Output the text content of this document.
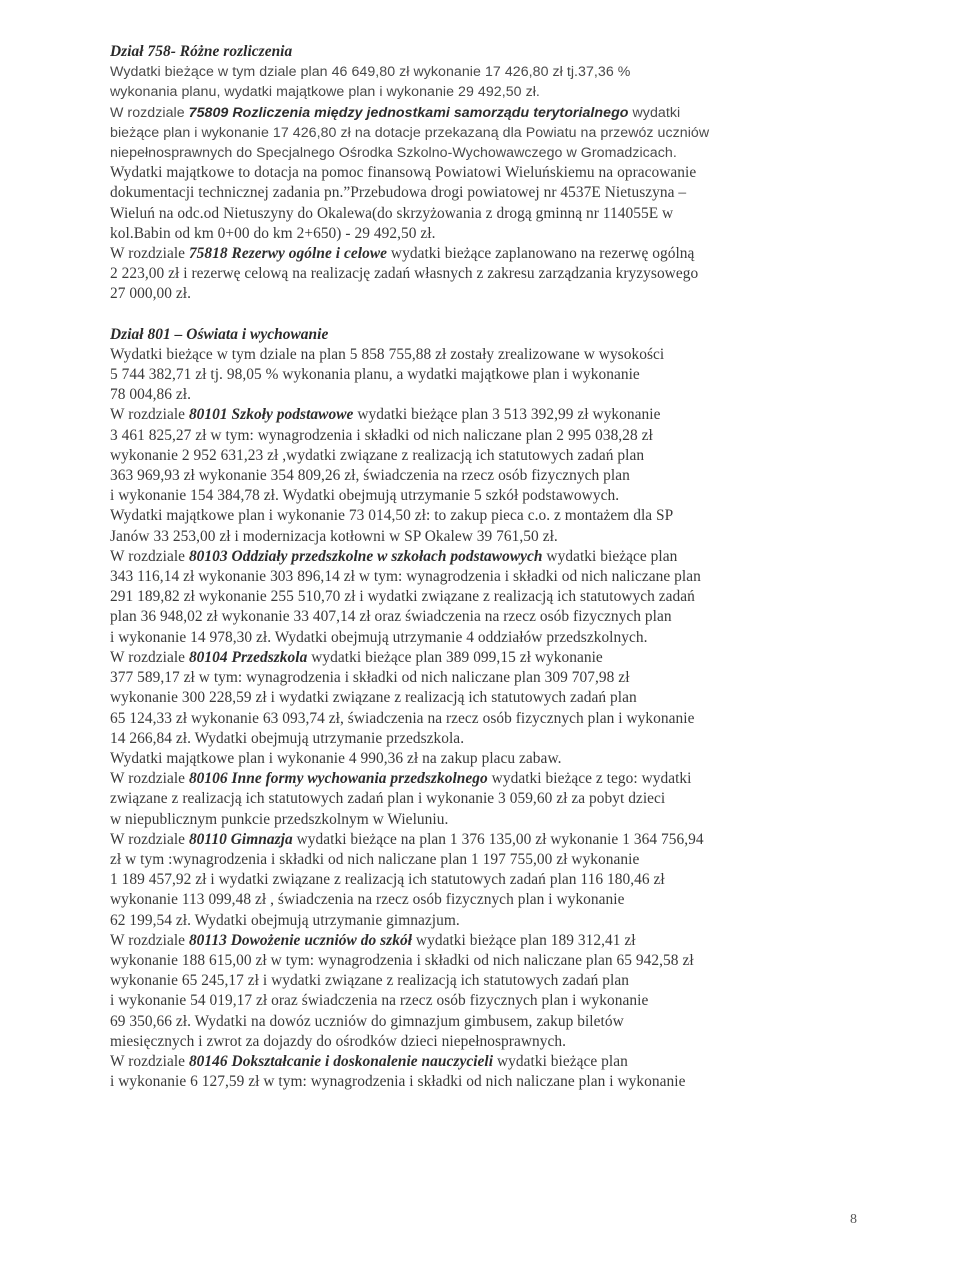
Dział 758- Różne rozliczenia
Wydatki bieżące w tym dziale plan 46 649,80 zł wykonanie 17 426,80 zł tj.37,36 %
wykonania planu, wydatki majątkowe plan i wykonanie 29 492,50 zł.
W rozdziale 75809 Rozliczenia między jednostkami samorządu terytorialnego wydatki
bieżące plan i wykonanie 17 426,80 zł na dotacje przekazaną dla Powiatu na przewóz uczniów
niepełnosprawnych do Specjalnego Ośrodka Szkolno-Wychowawczego w Gromadzicach.
Wydatki majątkowe to dotacja na pomoc finansową Powiatowi Wieluńskiemu na opracowanie
dokumentacji technicznej zadania pn.”Przebudowa drogi powiatowej nr 4537E Nietuszyna –
Wieluń na odc.od Nietuszyny do Okalewa(do skrzyżowania z drogą gminną nr 114055E w
kol.Babin od km 0+00 do km 2+650) - 29 492,50 zł.
W rozdziale 75818 Rezerwy ogólne i celowe wydatki bieżące zaplanowano na rezerwę ogólną
2 223,00 zł i rezerwę celową na realizację zadań własnych z zakresu zarządzania kryzysowego
27 000,00 zł.
Dział 801 – Oświata i wychowanie
Wydatki bieżące w tym dziale na plan 5 858 755,88 zł zostały zrealizowane w wysokości
5 744 382,71 zł tj. 98,05 % wykonania planu, a wydatki majątkowe plan i wykonanie
78 004,86 zł.
W rozdziale 80101 Szkoły podstawowe wydatki bieżące plan 3 513 392,99 zł wykonanie
3 461 825,27 zł w tym: wynagrodzenia i składki od nich naliczane plan 2 995 038,28 zł
wykonanie 2 952 631,23 zł ,wydatki związane z realizacją ich statutowych zadań plan
363 969,93 zł wykonanie 354 809,26 zł, świadczenia na rzecz osób fizycznych plan
i wykonanie 154 384,78 zł. Wydatki obejmują utrzymanie 5 szkół podstawowych.
Wydatki majątkowe plan i wykonanie 73 014,50 zł: to zakup pieca c.o. z montażem dla SP
Janów 33 253,00 zł i modernizacja kotłowni w SP Okalew 39 761,50 zł.
W rozdziale 80103 Oddziały przedszkolne w szkołach podstawowych wydatki bieżące plan
343 116,14 zł wykonanie 303 896,14 zł w tym: wynagrodzenia i składki od nich naliczane plan
291 189,82 zł wykonanie 255 510,70 zł i wydatki związane z realizacją ich statutowych zadań
plan 36 948,02 zł wykonanie 33 407,14 zł oraz świadczenia na rzecz osób fizycznych plan
i wykonanie 14 978,30 zł. Wydatki obejmują utrzymanie 4 oddziałów przedszkolnych.
W rozdziale 80104 Przedszkola wydatki bieżące plan 389 099,15 zł wykonanie
377 589,17 zł w tym: wynagrodzenia i składki od nich naliczane plan 309 707,98 zł
wykonanie 300 228,59 zł i wydatki związane z realizacją ich statutowych zadań plan
65 124,33 zł wykonanie 63 093,74 zł, świadczenia na rzecz osób fizycznych plan i wykonanie
14 266,84 zł. Wydatki obejmują utrzymanie przedszkola.
Wydatki majątkowe plan i wykonanie 4 990,36 zł na zakup placu zabaw.
W rozdziale 80106 Inne formy wychowania przedszkolnego wydatki bieżące z tego: wydatki
związane z realizacją ich statutowych zadań plan i wykonanie 3 059,60 zł za pobyt dzieci
w niepublicznym punkcie przedszkolnym w Wieluniu.
W rozdziale 80110 Gimnazja wydatki bieżące na plan 1 376 135,00 zł wykonanie 1 364 756,94
zł w tym :wynagrodzenia i składki od nich naliczane plan 1 197 755,00 zł wykonanie
1 189 457,92 zł i wydatki związane z realizacją ich statutowych zadań plan 116 180,46 zł
wykonanie 113 099,48 zł , świadczenia na rzecz osób fizycznych plan i wykonanie
62 199,54 zł. Wydatki obejmują utrzymanie gimnazjum.
W rozdziale 80113 Dowożenie uczniów do szkół wydatki bieżące plan 189 312,41 zł
wykonanie 188 615,00 zł w tym: wynagrodzenia i składki od nich naliczane plan 65 942,58 zł
wykonanie 65 245,17 zł i wydatki związane z realizacją ich statutowych zadań plan
i wykonanie 54 019,17 zł oraz świadczenia na rzecz osób fizycznych plan i wykonanie
69 350,66 zł. Wydatki na dowóz uczniów do gimnazjum gimbusem, zakup biletów
miesięcznych i zwrot za dojazdy do ośrodków dzieci niepełnosprawnych.
W rozdziale 80146 Dokształcanie i doskonalenie nauczycieli wydatki bieżące plan
i wykonanie 6 127,59 zł w tym: wynagrodzenia i składki od nich naliczane plan i wykonanie
8
